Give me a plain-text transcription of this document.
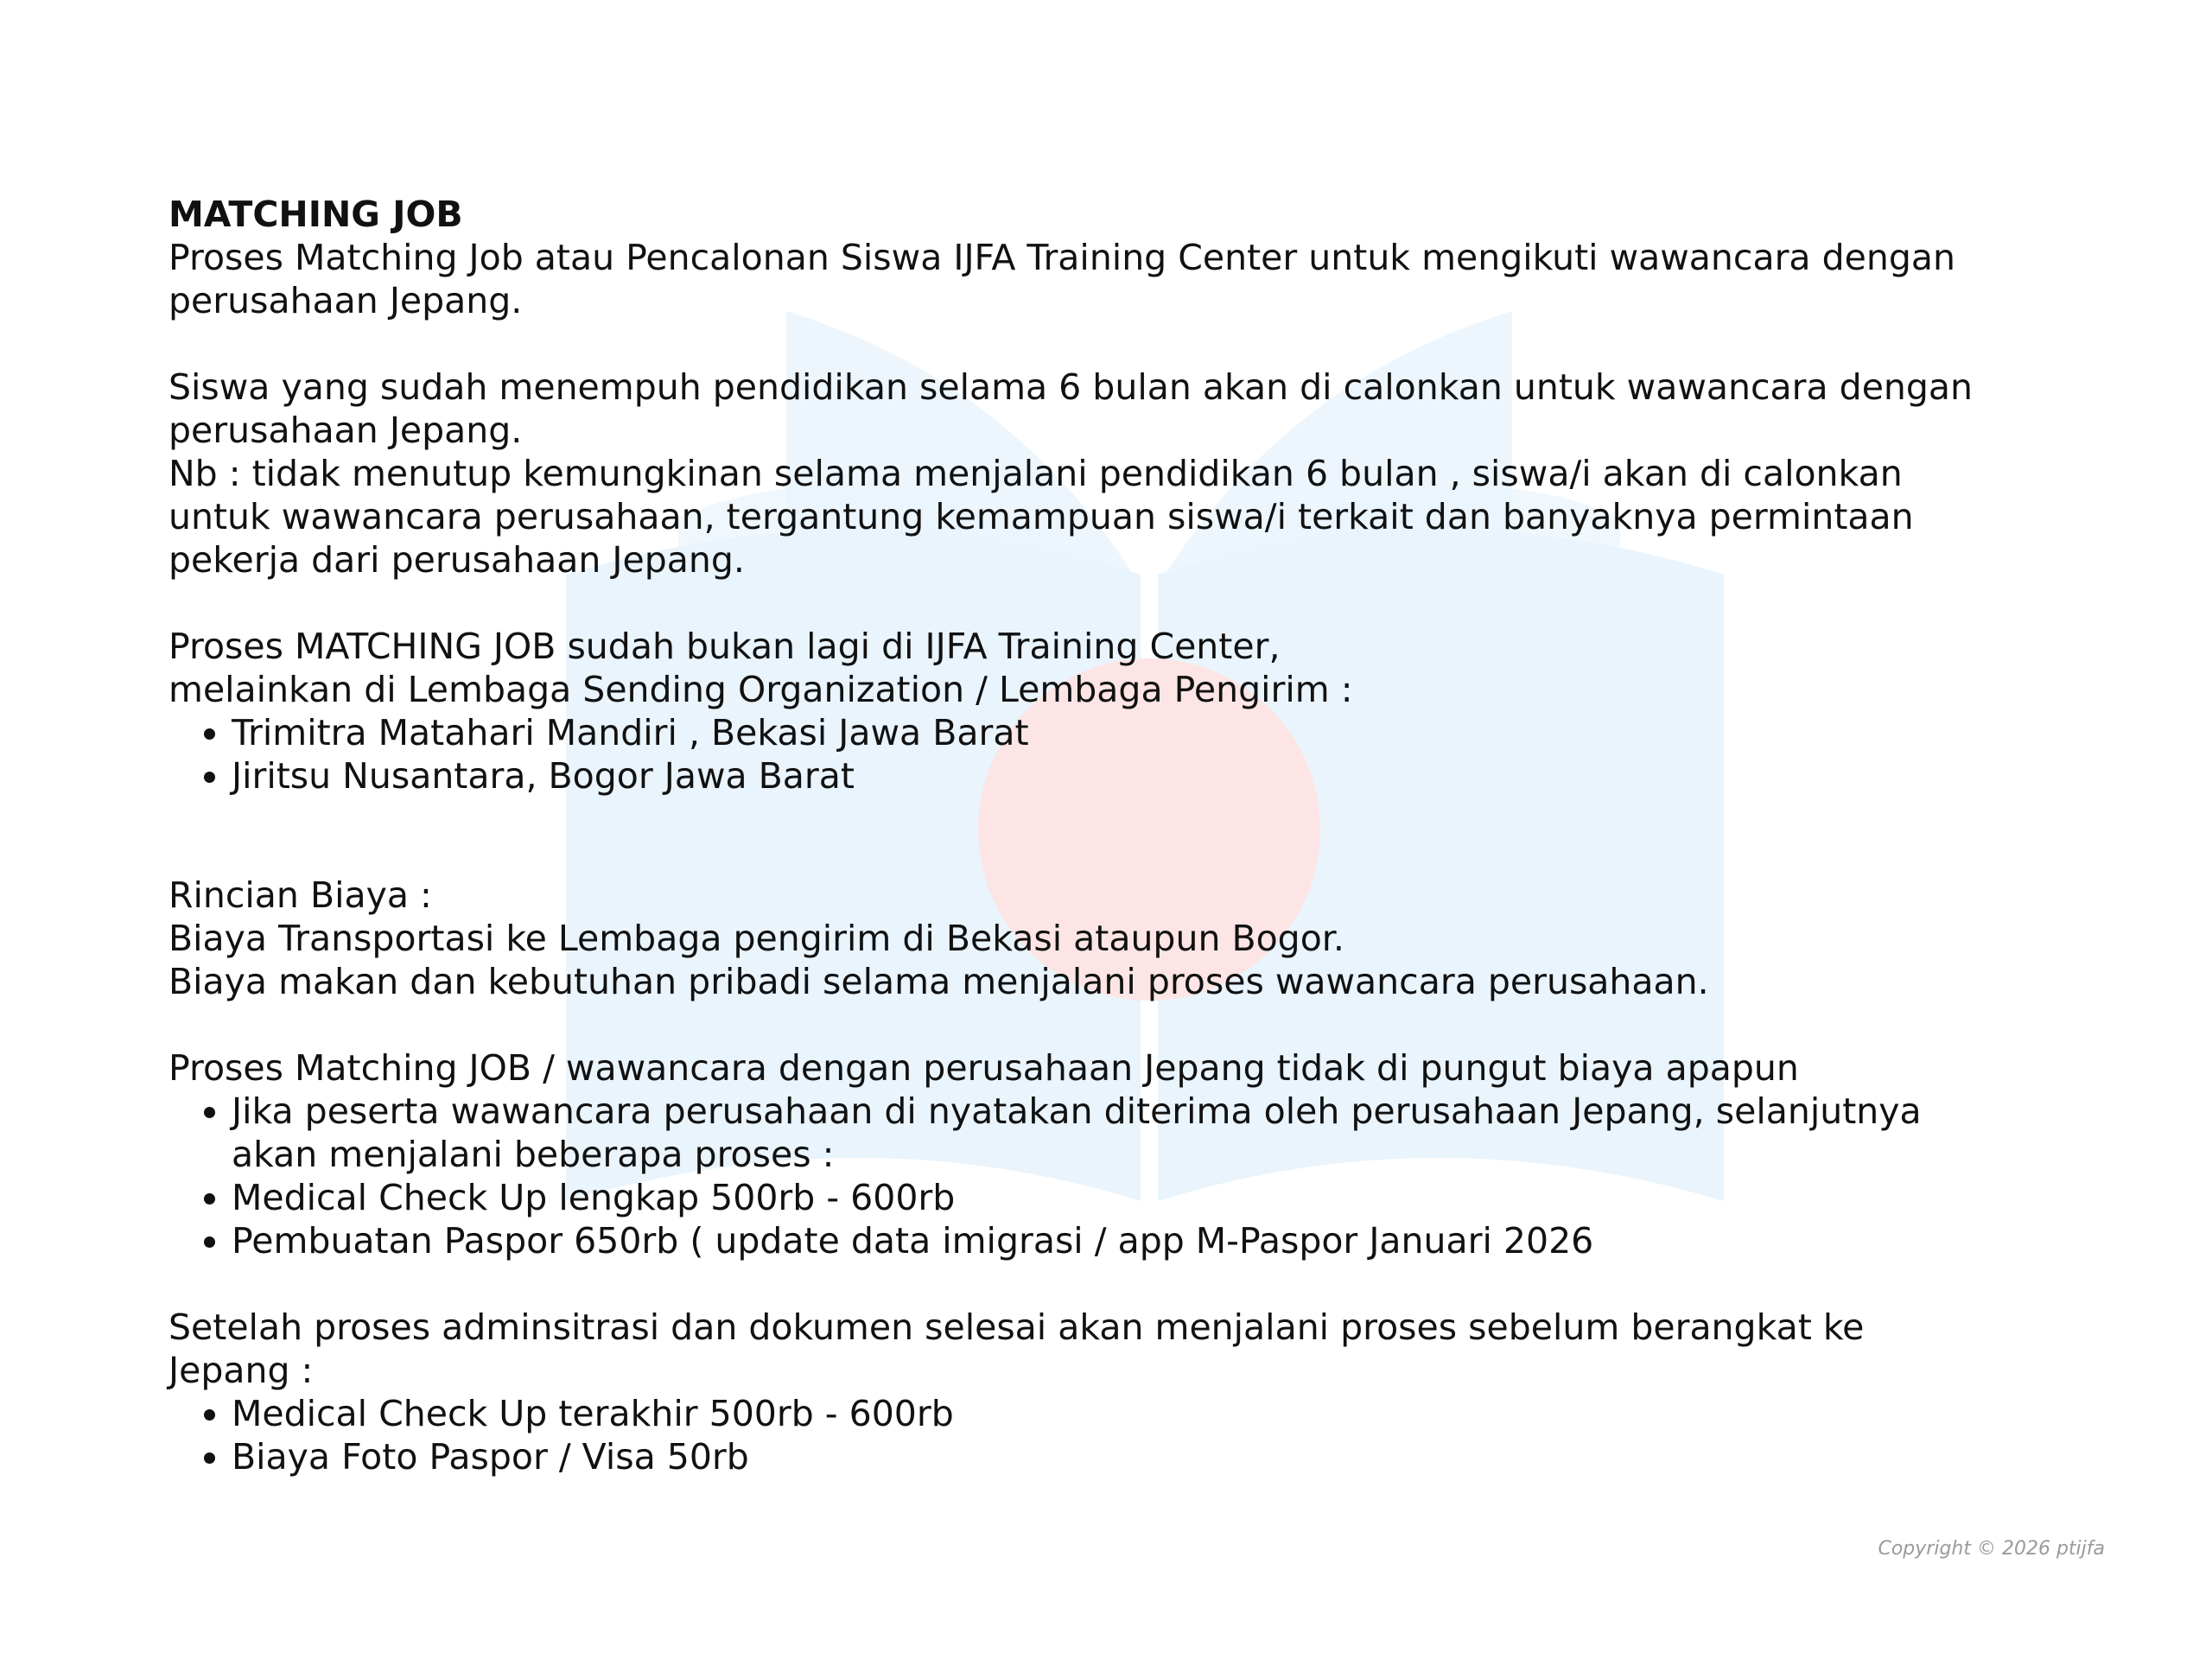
MATCHING JOB

Proses Matching Job atau Pencalonan Siswa IJFA Training Center untuk mengikuti wawancara dengan perusahaan Jepang.

Siswa yang sudah menempuh pendidikan selama 6 bulan akan di calonkan untuk wawancara dengan perusahaan Jepang.

Nb : tidak menutup kemungkinan selama menjalani pendidikan 6 bulan , siswa/i akan di calonkan untuk wawancara perusahaan, tergantung kemampuan siswa/i terkait dan banyaknya permintaan pekerja dari perusahaan Jepang.

Proses MATCHING JOB sudah bukan lagi di IJFA Training Center,

melainkan di Lembaga Sending Organization / Lembaga Pengirim :

• Trimitra Matahari Mandiri , Bekasi Jawa Barat
• Jiritsu Nusantara, Bogor Jawa Barat

Rincian Biaya :

Biaya Transportasi ke Lembaga pengirim di Bekasi ataupun Bogor.

Biaya makan dan kebutuhan pribadi selama menjalani proses wawancara perusahaan.

Proses Matching JOB / wawancara dengan perusahaan Jepang tidak di pungut biaya apapun

• Jika peserta wawancara perusahaan di nyatakan diterima oleh perusahaan Jepang, selanjutnya akan menjalani beberapa proses :
• Medical Check Up lengkap 500rb - 600rb
• Pembuatan Paspor 650rb ( update data imigrasi / app M-Paspor Januari 2026

Setelah proses adminsitrasi dan dokumen selesai akan menjalani proses sebelum berangkat ke Jepang :

• Medical Check Up terakhir 500rb - 600rb
• Biaya Foto Paspor / Visa 50rb
Copyright © 2026 ptijfa
